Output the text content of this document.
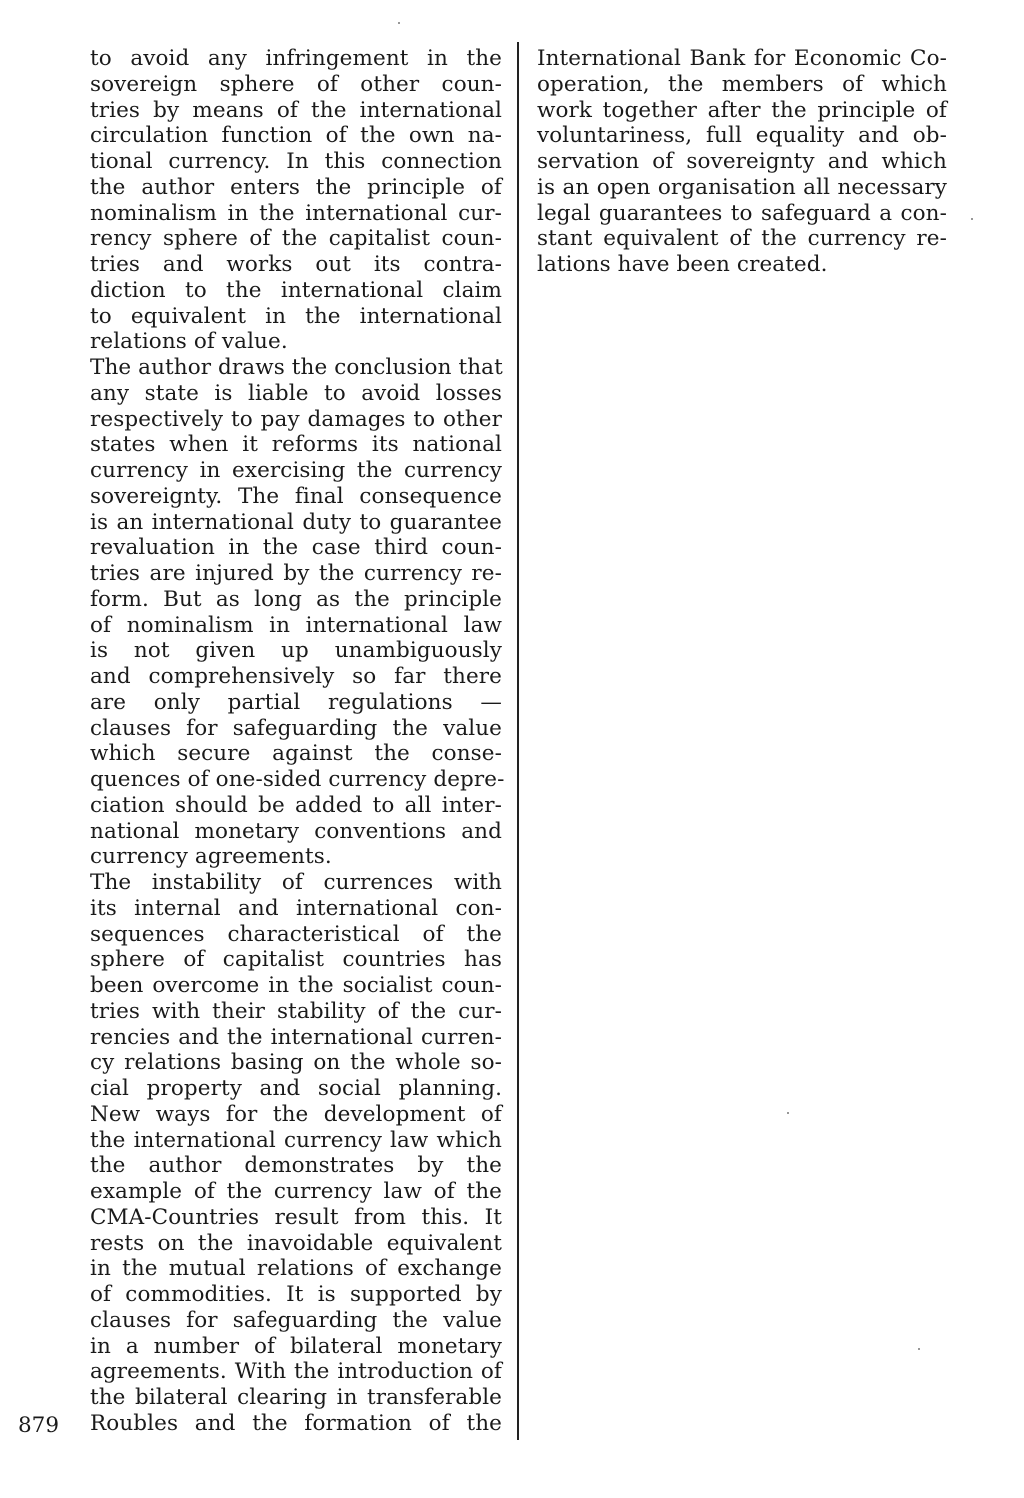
to avoid any infringement in the
sovereign sphere of other coun-
tries by means of the international
circulation function of the own na-
tional currency. In this connection
the author enters the principle of
nominalism in the international cur-
rency sphere of the capitalist coun-
tries and works out its contra-
diction to the international claim
to equivalent in the international
relations of value.
The author draws the conclusion that
any state is liable to avoid losses
respectively to pay damages to other
states when it reforms its national
currency in exercising the currency
sovereignty. The final consequence
is an international duty to guarantee
revaluation in the case third coun-
tries are injured by the currency re-
form. But as long as the principle
of nominalism in international law
is not given up unambiguously
and comprehensively so far there
are only partial regulations —
clauses for safeguarding the value
which secure against the conse-
quences of one-sided currency depre-
ciation should be added to all inter-
national monetary conventions and
currency agreements.
The instability of currences with
its internal and international con-
sequences characteristical of the
sphere of capitalist countries has
been overcome in the socialist coun-
tries with their stability of the cur-
rencies and the international curren-
cy relations basing on the whole so-
cial property and social planning.
New ways for the development of
the international currency law which
the author demonstrates by the
example of the currency law of the
CMA-Countries result from this. It
rests on the inavoidable equivalent
in the mutual relations of exchange
of commodities. It is supported by
clauses for safeguarding the value
in a number of bilateral monetary
agreements. With the introduction of
the bilateral clearing in transferable
Roubles and the formation of the
International Bank for Economic Co-
operation, the members of which
work together after the principle of
voluntariness, full equality and ob-
servation of sovereignty and which
is an open organisation all necessary
legal guarantees to safeguard a con-
stant equivalent of the currency re-
lations have been created.
879
